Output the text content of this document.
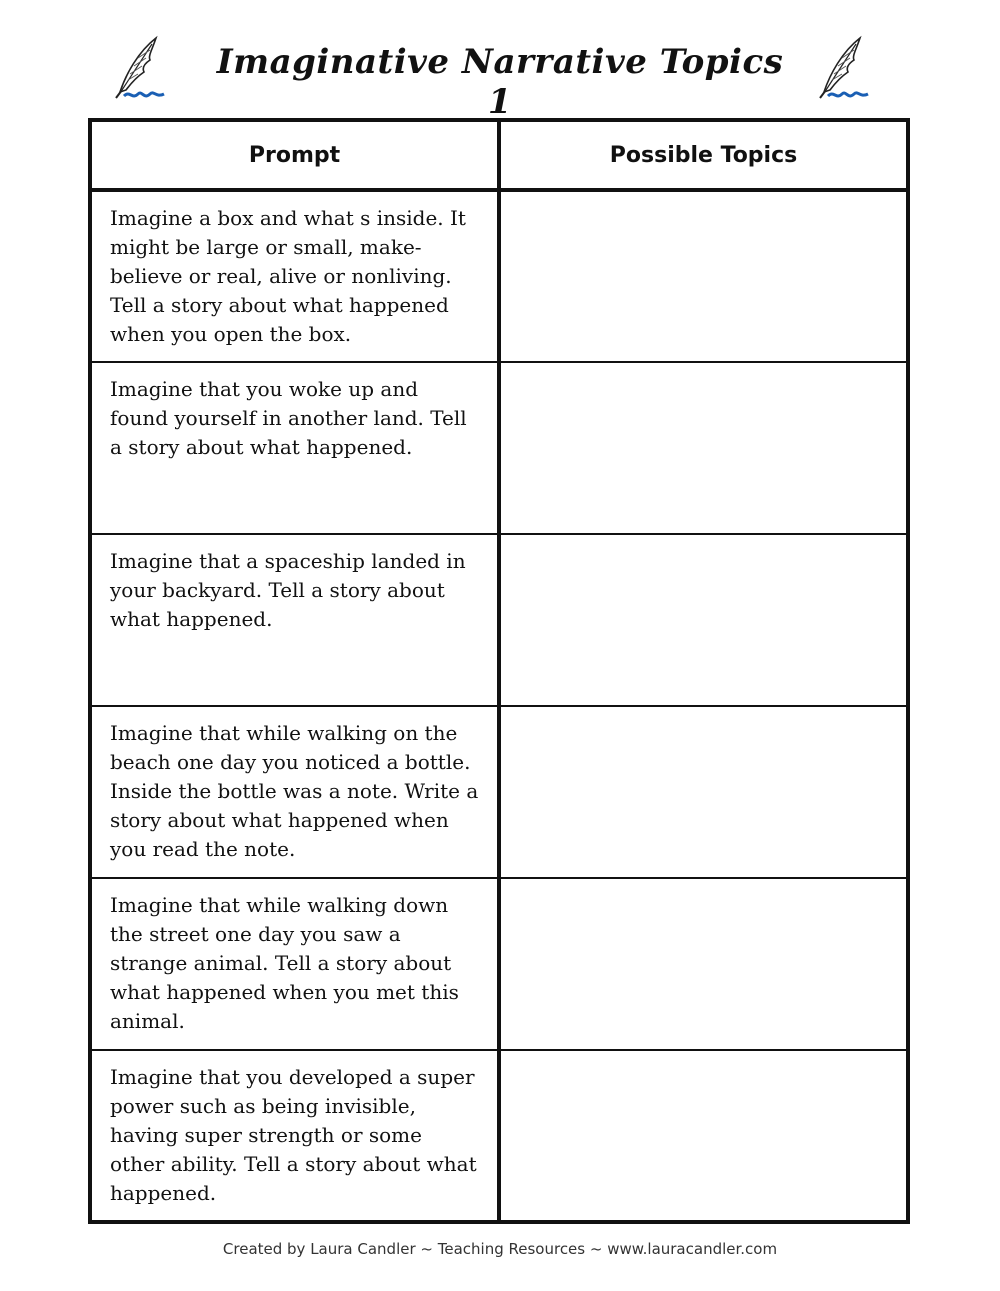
Imaginative Narrative Topics 1
Prompt	Possible Topics
Imagine a box and what s inside. It might be large or small, make-believe or real, alive or nonliving. Tell a story about what happened when you open the box.	
Imagine that you woke up and found yourself in another land. Tell a story about what happened.	
Imagine that a spaceship landed in your backyard. Tell a story about what happened.	
Imagine that while walking on the beach one day you noticed a bottle. Inside the bottle was a note. Write a story about what happened when you read the note.	
Imagine that while walking down the street one day you saw a strange animal. Tell a story about what happened when you met this animal.	
Imagine that you developed a super power such as being invisible, having super strength or some other ability. Tell a story about what happened.	
Created by Laura Candler ~ Teaching Resources ~ www.lauracandler.com
